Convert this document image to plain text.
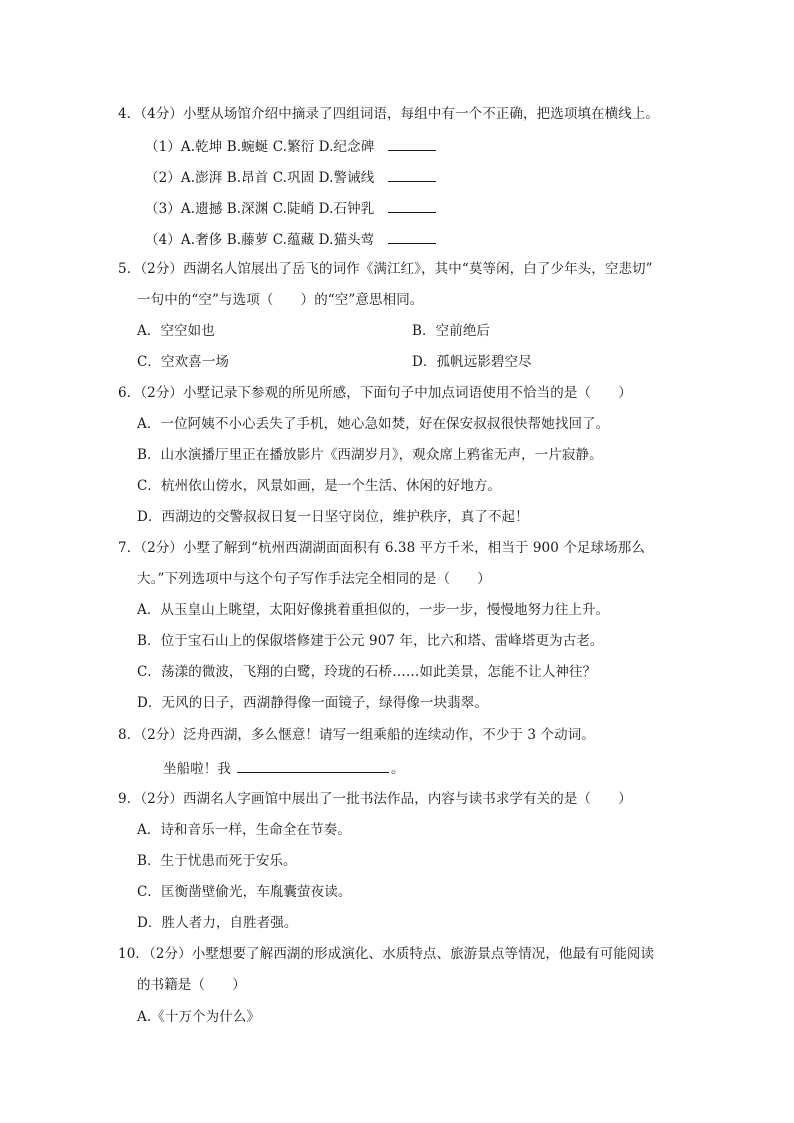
4．（4分）小墅从场馆介绍中摘录了四组词语，每组中有一个不正确，把选项填在横线上。
（1）A.乾坤 B.蜿蜒 C.繁衍 D.纪念碑
（2）A.澎湃 B.昂首 C.巩固 D.警诫线
（3）A.遗撼 B.深渊 C.陡峭 D.石钟乳
（4）A.奢侈 B.藤萝 C.蕴藏 D.猫头莺
5．（2分）西湖名人馆展出了岳飞的词作《满江红》，其中“莫等闲，白了少年头，空悲切”
一句中的“空”与选项（　　）的“空”意思相同。
A．空空如也	B．空前绝后
C．空欢喜一场	D．孤帆远影碧空尽
6．（2分）小墅记录下参观的所见所感，下面句子中加点词语使用不恰当的是（　　）
A．一位阿姨不小心丢失了手机，她心急如焚，好在保安叔叔很快帮她找回了。
B．山水演播厅里正在播放影片《西湖岁月》，观众席上鸦雀无声，一片寂静。
C．杭州依山傍水，风景如画，是一个生活、休闲的好地方。
D．西湖边的交警叔叔日复一日坚守岗位，维护秩序，真了不起！
7．（2分）小墅了解到“杭州西湖湖面面积有 6.38 平方千米，相当于 900 个足球场那么
大。”下列选项中与这个句子写作手法完全相同的是（　　）
A．从玉皇山上眺望，太阳好像挑着重担似的，一步一步，慢慢地努力往上升。
B．位于宝石山上的保俶塔修建于公元 907 年，比六和塔、雷峰塔更为古老。
C．荡漾的微波，飞翔的白鹭，玲珑的石桥……如此美景，怎能不让人神往？
D．无风的日子，西湖静得像一面镜子，绿得像一块翡翠。
8．（2分）泛舟西湖，多么惬意！请写一组乘船的连续动作，不少于 3 个动词。
坐船啦！我	。
9．（2分）西湖名人字画馆中展出了一批书法作品，内容与读书求学有关的是（　　）
A．诗和音乐一样，生命全在节奏。
B．生于忧患而死于安乐。
C．匡衡凿壁偷光，车胤囊萤夜读。
D．胜人者力，自胜者强。
10．（2分）小墅想要了解西湖的形成演化、水质特点、旅游景点等情况，他最有可能阅读
的书籍是（　　）
A.《十万个为什么》
